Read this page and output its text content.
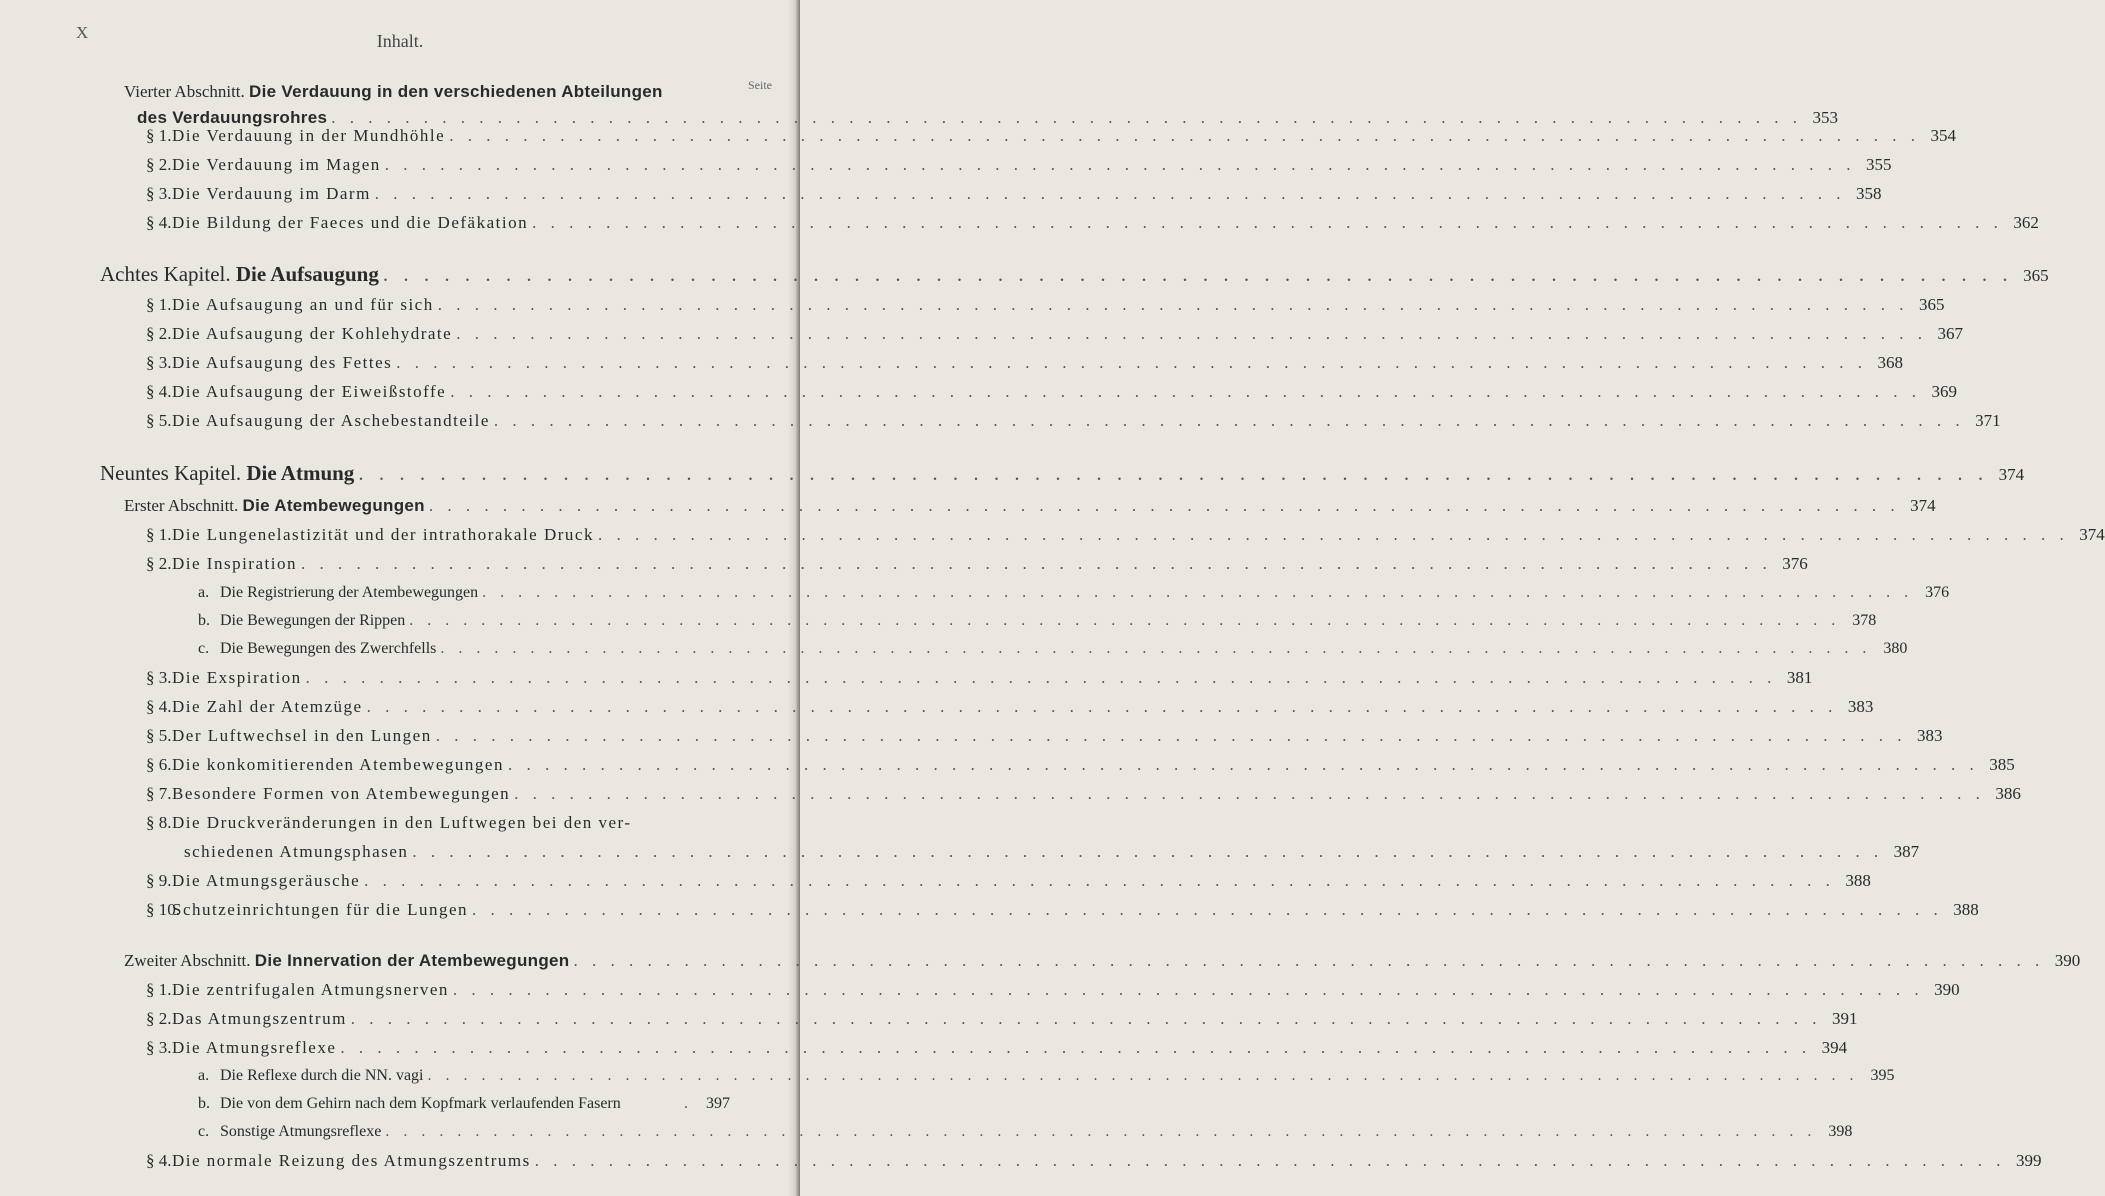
X	Inhalt.
Seite
Vierter Abschnitt. Die Verdauung in den verschiedenen Abteilungen
des Verdauungsrohres . . . . . . . . . . . . . . . . . . . . . . . . . . . . . . . . . . . . . . . . . . . . . . . . . . . . . . . . . . . . . . . . . . . . . . . . . . . . . . . . 353
§ 1.Die Verdauung in der Mundhöhle . . . . . . . . . . . . . . . . . . . . . . . . . . . . . . . . . . . . . . . . . . . . . . . . . . . . . . . . . . . . . . . . . . . . . . . . . . . . . . . . 354
§ 2.Die Verdauung im Magen . . . . . . . . . . . . . . . . . . . . . . . . . . . . . . . . . . . . . . . . . . . . . . . . . . . . . . . . . . . . . . . . . . . . . . . . . . . . . . . . 355
§ 3.Die Verdauung im Darm . . . . . . . . . . . . . . . . . . . . . . . . . . . . . . . . . . . . . . . . . . . . . . . . . . . . . . . . . . . . . . . . . . . . . . . . . . . . . . . . 358
§ 4.Die Bildung der Faeces und die Defäkation . . . . . . . . . . . . . . . . . . . . . . . . . . . . . . . . . . . . . . . . . . . . . . . . . . . . . . . . . . . . . . . . . . . . . . . . . . . . . . . . 362
Achtes Kapitel. Die Aufsaugung . . . . . . . . . . . . . . . . . . . . . . . . . . . . . . . . . . . . . . . . . . . . . . . . . . . . . . . . . . . . . . . . . . . . . . . . . . . . . . . . 365
§ 1.Die Aufsaugung an und für sich . . . . . . . . . . . . . . . . . . . . . . . . . . . . . . . . . . . . . . . . . . . . . . . . . . . . . . . . . . . . . . . . . . . . . . . . . . . . . . . . 365
§ 2.Die Aufsaugung der Kohlehydrate . . . . . . . . . . . . . . . . . . . . . . . . . . . . . . . . . . . . . . . . . . . . . . . . . . . . . . . . . . . . . . . . . . . . . . . . . . . . . . . . 367
§ 3.Die Aufsaugung des Fettes . . . . . . . . . . . . . . . . . . . . . . . . . . . . . . . . . . . . . . . . . . . . . . . . . . . . . . . . . . . . . . . . . . . . . . . . . . . . . . . . 368
§ 4.Die Aufsaugung der Eiweißstoffe . . . . . . . . . . . . . . . . . . . . . . . . . . . . . . . . . . . . . . . . . . . . . . . . . . . . . . . . . . . . . . . . . . . . . . . . . . . . . . . . 369
§ 5.Die Aufsaugung der Aschebestandteile . . . . . . . . . . . . . . . . . . . . . . . . . . . . . . . . . . . . . . . . . . . . . . . . . . . . . . . . . . . . . . . . . . . . . . . . . . . . . . . . 371
Neuntes Kapitel. Die Atmung . . . . . . . . . . . . . . . . . . . . . . . . . . . . . . . . . . . . . . . . . . . . . . . . . . . . . . . . . . . . . . . . . . . . . . . . . . . . . . . . 374
Erster Abschnitt. Die Atembewegungen . . . . . . . . . . . . . . . . . . . . . . . . . . . . . . . . . . . . . . . . . . . . . . . . . . . . . . . . . . . . . . . . . . . . . . . . . . . . . . . . 374
§ 1.Die Lungenelastizität und der intrathorakale Druck . . . . . . . . . . . . . . . . . . . . . . . . . . . . . . . . . . . . . . . . . . . . . . . . . . . . . . . . . . . . . . . . . . . . . . . . . . . . . . . . 374
§ 2.Die Inspiration . . . . . . . . . . . . . . . . . . . . . . . . . . . . . . . . . . . . . . . . . . . . . . . . . . . . . . . . . . . . . . . . . . . . . . . . . . . . . . . . 376
a. Die Registrierung der Atembewegungen . . . . . . . . . . . . . . . . . . . . . . . . . . . . . . . . . . . . . . . . . . . . . . . . . . . . . . . . . . . . . . . . . . . . . . . . . . . . . . . . 376
b. Die Bewegungen der Rippen . . . . . . . . . . . . . . . . . . . . . . . . . . . . . . . . . . . . . . . . . . . . . . . . . . . . . . . . . . . . . . . . . . . . . . . . . . . . . . . . 378
c. Die Bewegungen des Zwerchfells . . . . . . . . . . . . . . . . . . . . . . . . . . . . . . . . . . . . . . . . . . . . . . . . . . . . . . . . . . . . . . . . . . . . . . . . . . . . . . . . 380
§ 3.Die Exspiration . . . . . . . . . . . . . . . . . . . . . . . . . . . . . . . . . . . . . . . . . . . . . . . . . . . . . . . . . . . . . . . . . . . . . . . . . . . . . . . . 381
§ 4.Die Zahl der Atemzüge . . . . . . . . . . . . . . . . . . . . . . . . . . . . . . . . . . . . . . . . . . . . . . . . . . . . . . . . . . . . . . . . . . . . . . . . . . . . . . . . 383
§ 5.Der Luftwechsel in den Lungen . . . . . . . . . . . . . . . . . . . . . . . . . . . . . . . . . . . . . . . . . . . . . . . . . . . . . . . . . . . . . . . . . . . . . . . . . . . . . . . . 383
§ 6.Die konkomitierenden Atembewegungen . . . . . . . . . . . . . . . . . . . . . . . . . . . . . . . . . . . . . . . . . . . . . . . . . . . . . . . . . . . . . . . . . . . . . . . . . . . . . . . . 385
§ 7.Besondere Formen von Atembewegungen . . . . . . . . . . . . . . . . . . . . . . . . . . . . . . . . . . . . . . . . . . . . . . . . . . . . . . . . . . . . . . . . . . . . . . . . . . . . . . . . 386
§ 8.Die Druckveränderungen in den Luftwegen bei den ver-
schiedenen Atmungsphasen . . . . . . . . . . . . . . . . . . . . . . . . . . . . . . . . . . . . . . . . . . . . . . . . . . . . . . . . . . . . . . . . . . . . . . . . . . . . . . . . 387
§ 9.Die Atmungsgeräusche . . . . . . . . . . . . . . . . . . . . . . . . . . . . . . . . . . . . . . . . . . . . . . . . . . . . . . . . . . . . . . . . . . . . . . . . . . . . . . . . 388
§ 10.Schutzeinrichtungen für die Lungen . . . . . . . . . . . . . . . . . . . . . . . . . . . . . . . . . . . . . . . . . . . . . . . . . . . . . . . . . . . . . . . . . . . . . . . . . . . . . . . . 388
Zweiter Abschnitt. Die Innervation der Atembewegungen . . . . . . . . . . . . . . . . . . . . . . . . . . . . . . . . . . . . . . . . . . . . . . . . . . . . . . . . . . . . . . . . . . . . . . . . . . . . . . . . 390
§ 1.Die zentrifugalen Atmungsnerven . . . . . . . . . . . . . . . . . . . . . . . . . . . . . . . . . . . . . . . . . . . . . . . . . . . . . . . . . . . . . . . . . . . . . . . . . . . . . . . . 390
§ 2.Das Atmungszentrum . . . . . . . . . . . . . . . . . . . . . . . . . . . . . . . . . . . . . . . . . . . . . . . . . . . . . . . . . . . . . . . . . . . . . . . . . . . . . . . . 391
§ 3.Die Atmungsreflexe . . . . . . . . . . . . . . . . . . . . . . . . . . . . . . . . . . . . . . . . . . . . . . . . . . . . . . . . . . . . . . . . . . . . . . . . . . . . . . . . 394
a. Die Reflexe durch die NN. vagi . . . . . . . . . . . . . . . . . . . . . . . . . . . . . . . . . . . . . . . . . . . . . . . . . . . . . . . . . . . . . . . . . . . . . . . . . . . . . . . . 395
b. Die von dem Gehirn nach dem Kopfmark verlaufenden Fasern	.	397
c. Sonstige Atmungsreflexe . . . . . . . . . . . . . . . . . . . . . . . . . . . . . . . . . . . . . . . . . . . . . . . . . . . . . . . . . . . . . . . . . . . . . . . . . . . . . . . . 398
§ 4.Die normale Reizung des Atmungszentrums . . . . . . . . . . . . . . . . . . . . . . . . . . . . . . . . . . . . . . . . . . . . . . . . . . . . . . . . . . . . . . . . . . . . . . . . . . . . . . . . 399
